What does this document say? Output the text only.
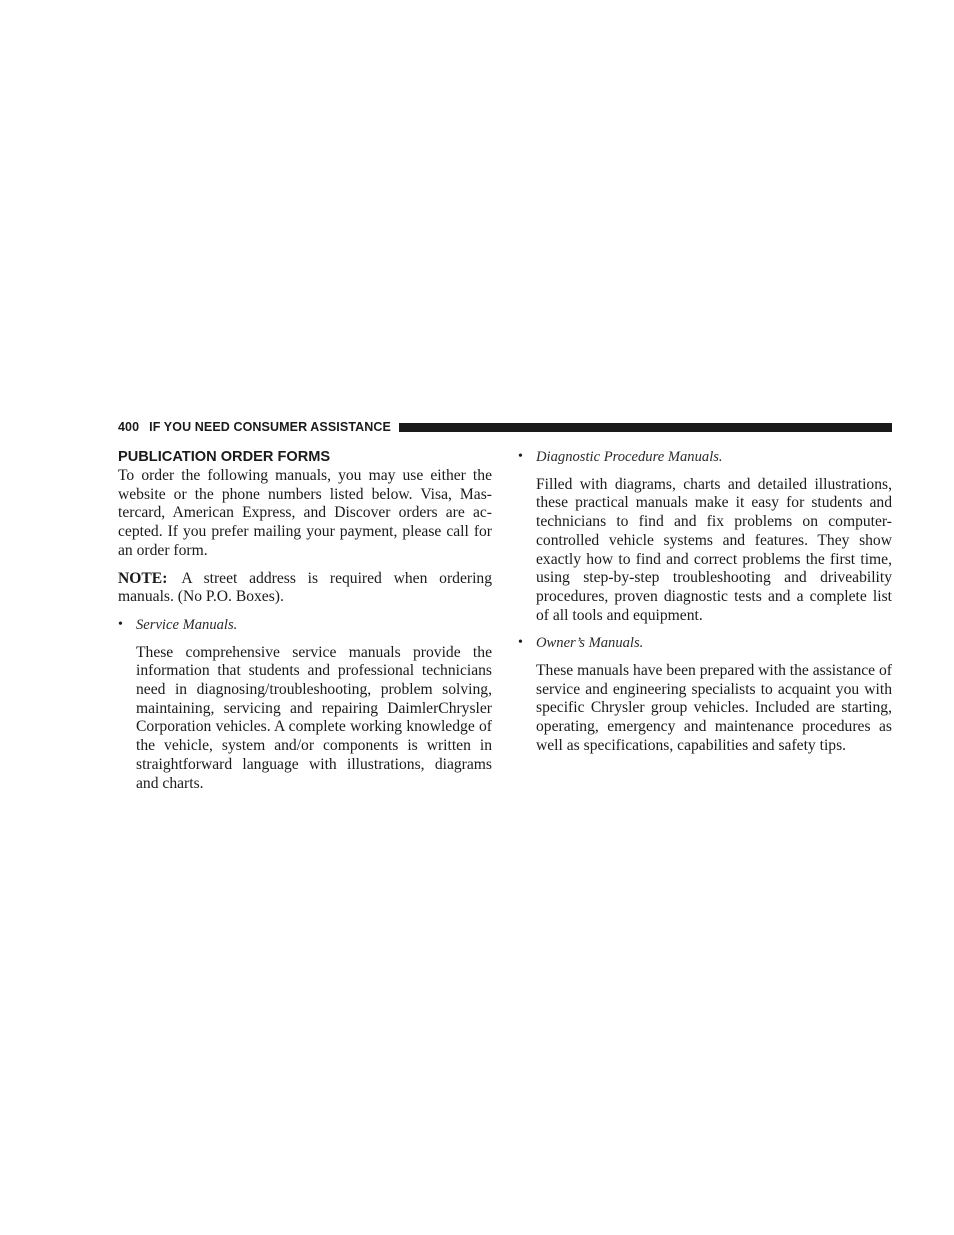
400 IF YOU NEED CONSUMER ASSISTANCE
PUBLICATION ORDER FORMS

To order the following manuals, you may use either the website or the phone numbers listed below. Visa, Mastercard, American Express, and Discover orders are accepted. If you prefer mailing your payment, please call for an order form.

NOTE: A street address is required when ordering manuals. (No P.O. Boxes).

• Service Manuals.

These comprehensive service manuals provide the information that students and professional technicians need in diagnosing/troubleshooting, problem solving, maintaining, servicing and repairing DaimlerChrysler Corporation vehicles. A complete working knowledge of the vehicle, system and/or components is written in straightforward language with illustrations, diagrams and charts.

• Diagnostic Procedure Manuals.

Filled with diagrams, charts and detailed illustrations, these practical manuals make it easy for students and technicians to find and fix problems on computer-controlled vehicle systems and features. They show exactly how to find and correct problems the first time, using step-by-step troubleshooting and driveability procedures, proven diagnostic tests and a complete list of all tools and equipment.

• Owner’s Manuals.

These manuals have been prepared with the assistance of service and engineering specialists to acquaint you with specific Chrysler group vehicles. Included are starting, operating, emergency and maintenance procedures as well as specifications, capabilities and safety tips.
